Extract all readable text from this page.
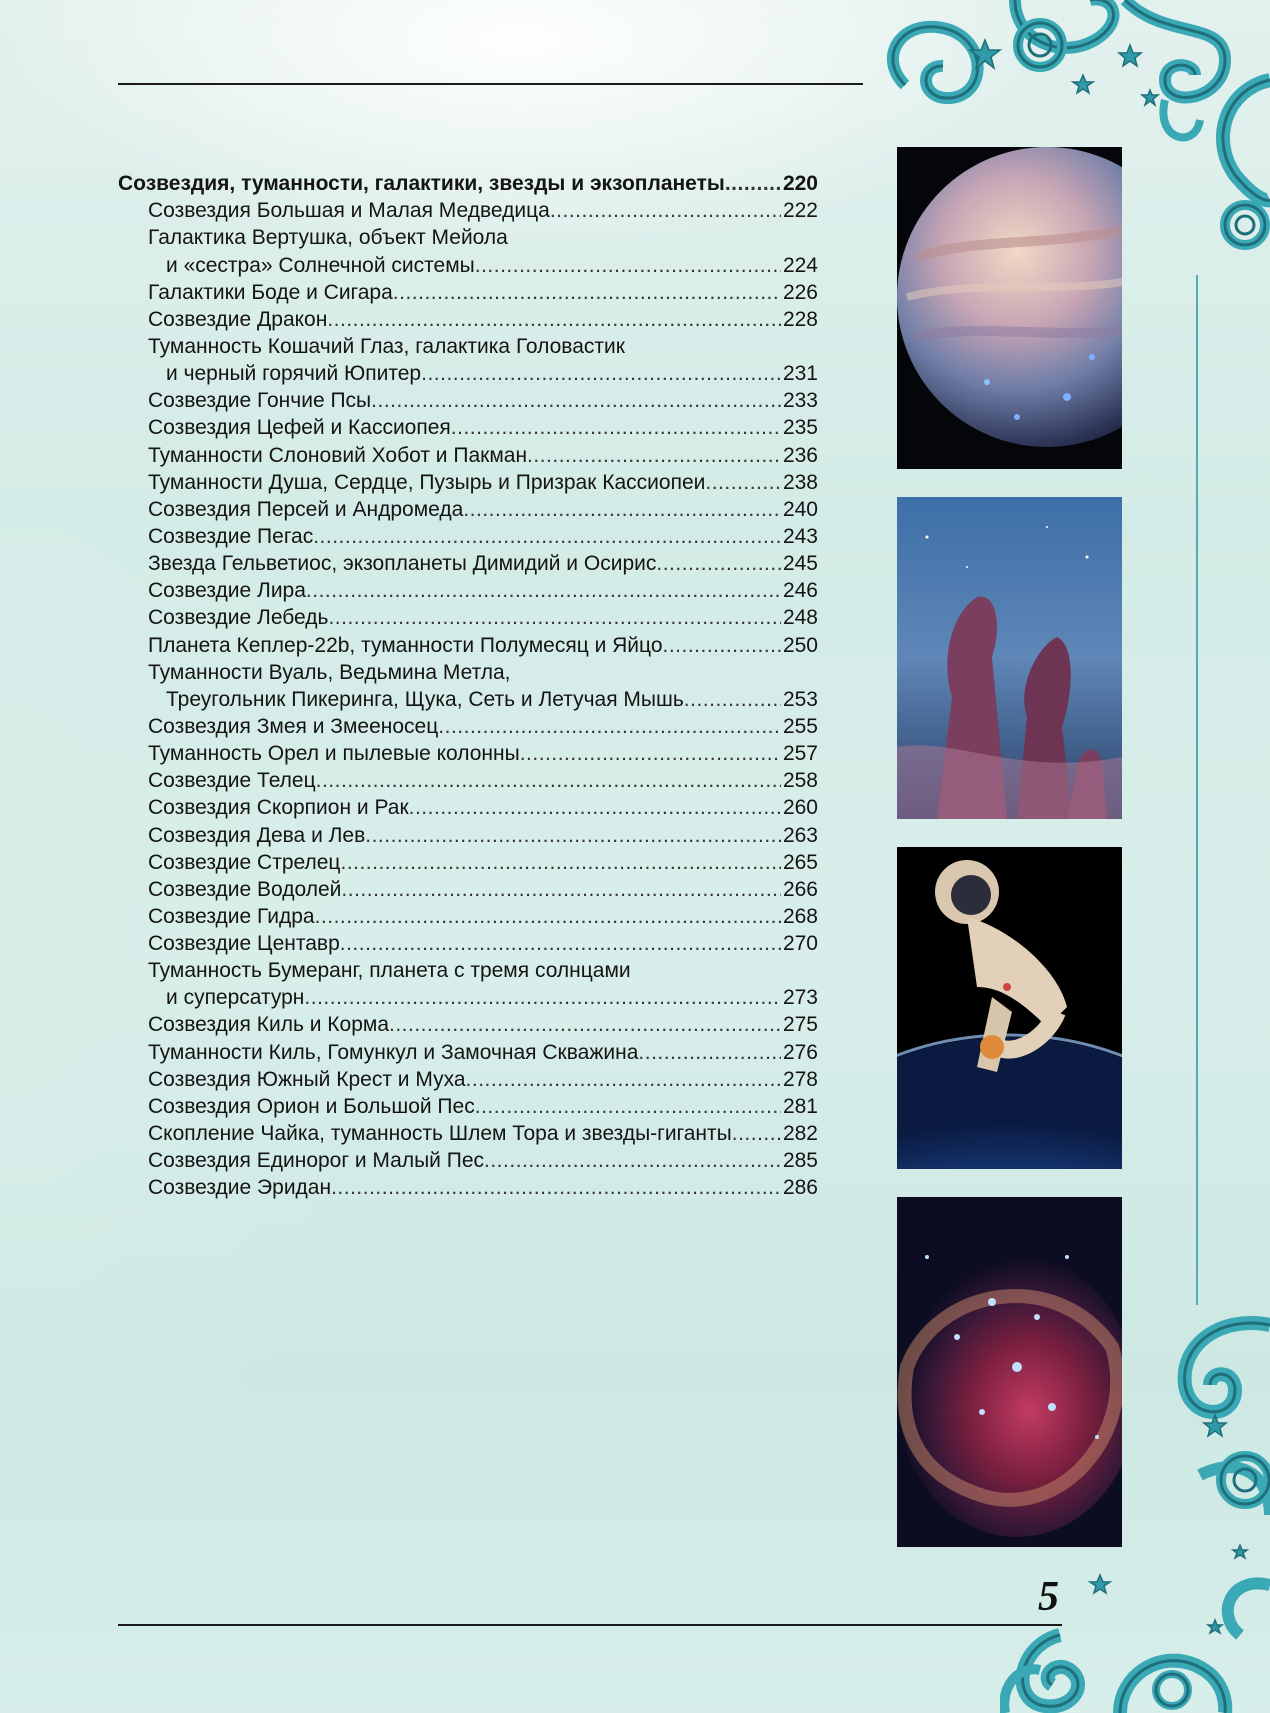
Созвездия, туманности, галактики, звезды и экзопланеты .....	220
Созвездия Большая и Малая Медведица .....	222
Галактика Вертушка, объект Мейола
и «сестра» Солнечной системы .....	224
Галактики Боде и Сигара .....	226
Созвездие Дракон .....	228
Туманность Кошачий Глаз, галактика Головастик
и черный горячий Юпитер .....	231
Созвездие Гончие Псы .....	233
Созвездия Цефей и Кассиопея .....	235
Туманности Слоновий Хобот и Пакман .....	236
Туманности Душа, Сердце, Пузырь и Призрак Кассиопеи .....	238
Созвездия Персей и Андромеда .....	240
Созвездие Пегас .....	243
Звезда Гельветиос, экзопланеты Димидий и Осирис .....	245
Созвездие Лира .....	246
Созвездие Лебедь .....	248
Планета Кеплер-22b, туманности Полумесяц и Яйцо .....	250
Туманности Вуаль, Ведьмина Метла,
Треугольник Пикеринга, Щука, Сеть и Летучая Мышь .....	253
Созвездия Змея и Змееносец .....	255
Туманность Орел и пылевые колонны .....	257
Созвездие Телец .....	258
Созвездия Скорпион и Рак .....	260
Созвездия Дева и Лев .....	263
Созвездие Стрелец .....	265
Созвездие Водолей .....	266
Созвездие Гидра .....	268
Созвездие Центавр .....	270
Туманность Бумеранг, планета с тремя солнцами
и суперсатурн .....	273
Созвездия Киль и Корма .....	275
Туманности Киль, Гомункул и Замочная Скважина .....	276
Созвездия Южный Крест и Муха .....	278
Созвездия Орион и Большой Пес .....	281
Скопление Чайка, туманность Шлем Тора и звезды-гиганты ..... 282
Созвездия Единорог и Малый Пес .....	285
Созвездие Эридан .....	286
5
